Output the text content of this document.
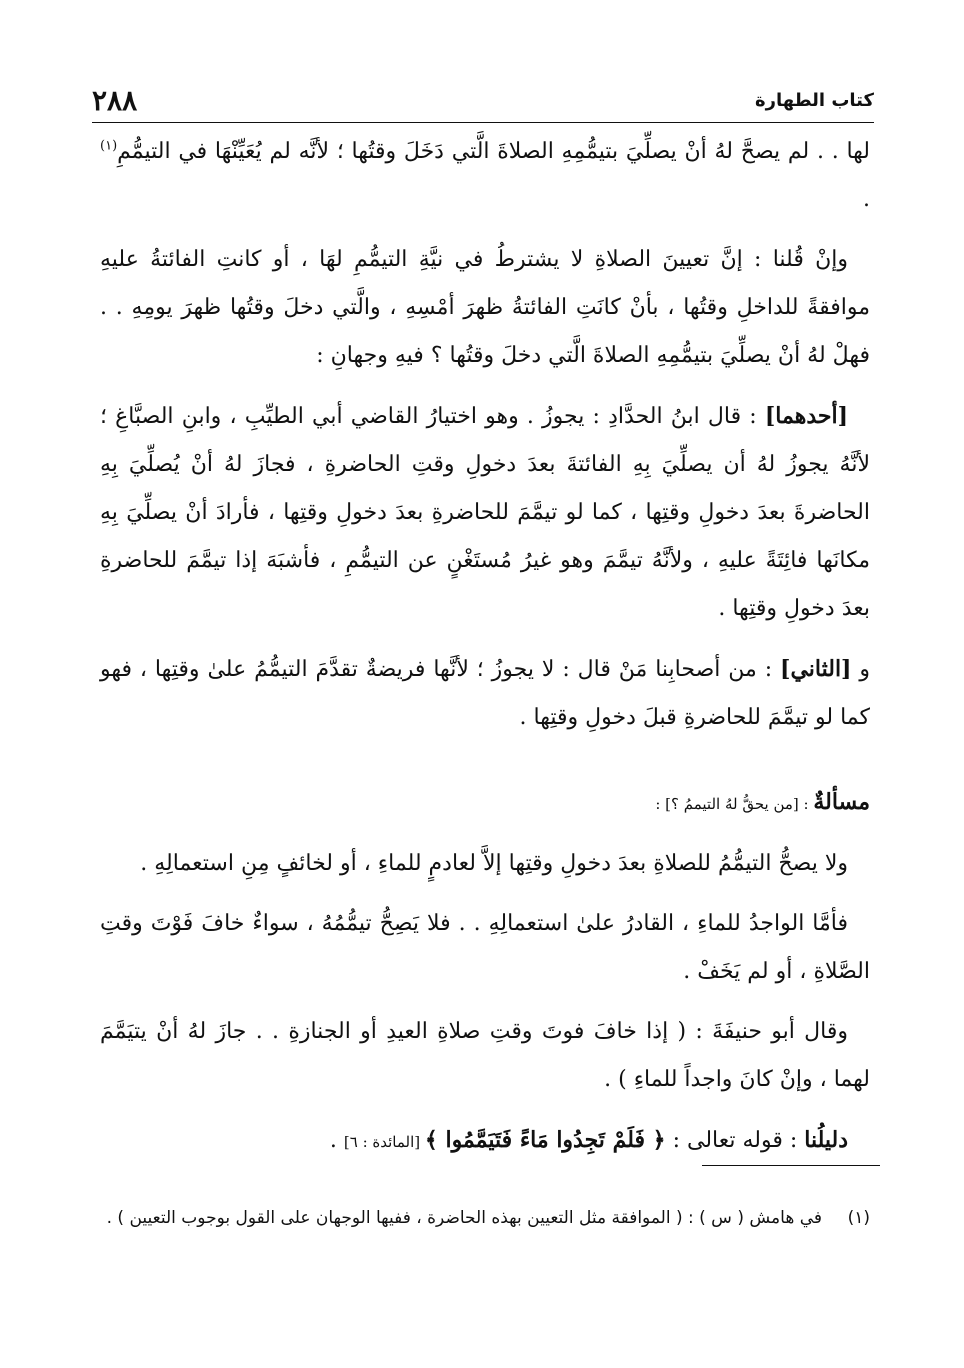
كتاب الطهارة
٢٨٨

لها . . لم يصحَّ لهُ أنْ يصلِّيَ بتيمُّمِهِ الصلاةَ الَّتي دَخَلَ وقتُها ؛ لأنَّه لم يُعَيِّنْهَا في التيمُّمِ$^{(١)}$ .

وإنْ قُلنا : إنَّ تعيينَ الصلاةِ لا يشترطُ في نيَّةِ التيمُّمِ لهَا ، أو كانتِ الفائتةُ عليهِ موافقةً للداخلِ وقتُها ، بأنْ كانَتِ الفائتةُ ظهرَ أمْسِهِ ، والَّتي دخلَ وقتُها ظهرَ يومِهِ . . فهلْ لهُ أنْ يصلِّيَ بتيمُّمِهِ الصلاةَ الَّتي دخلَ وقتُها ؟ فيهِ وجهانِ :

[أحدهما] : قال ابنُ الحدَّادِ : يجوزُ . وهو اختيارُ القاضي أبي الطيِّبِ ، وابنِ الصبَّاغِ ؛ لأنَّهُ يجوزُ لهُ أن يصلِّيَ بِهِ الفائتةَ بعدَ دخولِ وقتِ الحاضرةِ ، فجازَ لهُ أنْ يُصلِّيَ بِهِ الحاضرةَ بعدَ دخولِ وقتِها ، كما لو تيمَّمَ للحاضرةِ بعدَ دخولِ وقتِها ، فأرادَ أنْ يصلِّيَ بِهِ مكانَها فائِتَةً عليهِ ، ولأنَّهُ تيمَّمَ وهو غيرُ مُستَغْنٍ عن التيمُّمِ ، فأشبَهَ إذا تيمَّمَ للحاضرةِ بعدَ دخولِ وقتِها .

و [الثاني] : من أصحابِنا مَنْ قال : لا يجوزُ ؛ لأنَّها فريضةٌ تقدَّمَ التيمُّمُ علىٰ وقتِها ، فهو كما لو تيمَّمَ للحاضرةِ قبلَ دخولِ وقتِها .

مسألةٌ : [من يحقُّ لهُ التيممُ ؟] :

ولا يصحُّ التيمُّمُ للصلاةِ بعدَ دخولِ وقتِها إلاَّ لعادمٍ للماءِ ، أو لخائفٍ مِنِ استعمالِهِ .

فأمَّا الواجدُ للماءِ ، القادرُ علىٰ استعمالِهِ . . فلا يَصِحُّ تيمُّمُهُ ، سواءٌ خافَ فَوْتَ وقتِ الصَّلاةِ ، أو لم يَخَفْ .

وقال أبو حنيفَةَ : ( إذا خافَ فوتَ وقتِ صلاةِ العيدِ أو الجنازةِ . . جازَ لهُ أنْ يتيَمَّمَ لهما ، وإنْ كانَ واجداً للماءِ ) .

دليلُنا : قوله تعالى : ﴿ فَلَمْ تَجِدُوا مَاءً فَتَيَمَّمُوا ﴾ [المائدة : ٦] .

(١)في هامش ( س ) : ( الموافقة مثل التعيين بهذه الحاضرة ، ففيها الوجهان على القول بوجوب التعيين ) .
